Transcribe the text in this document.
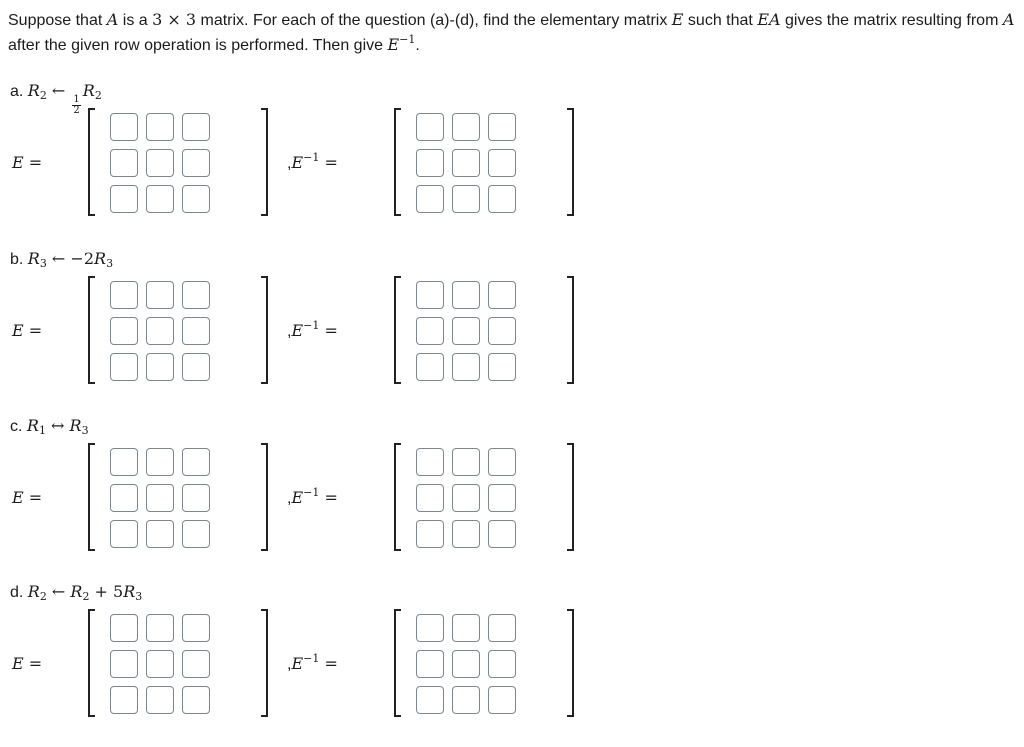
Suppose that A is a 3 × 3 matrix. For each of the question (a)-(d), find the elementary matrix E such that EA gives the matrix resulting from A after the given row operation is performed. Then give $E^{-1}$.
a. $R_2$ ←
$\frac{1}{2}$
$R_2$
E =	$,E^{-1}$ =
b. $R_3$ ← $-2R_3$
E =	$,E^{-1}$ =
c. $R_1$ ↔ $R_3$
E =	$,E^{-1}$ =
d. $R_2$ ← $R_2 + 5R_3$
E =	$,E^{-1}$ =
